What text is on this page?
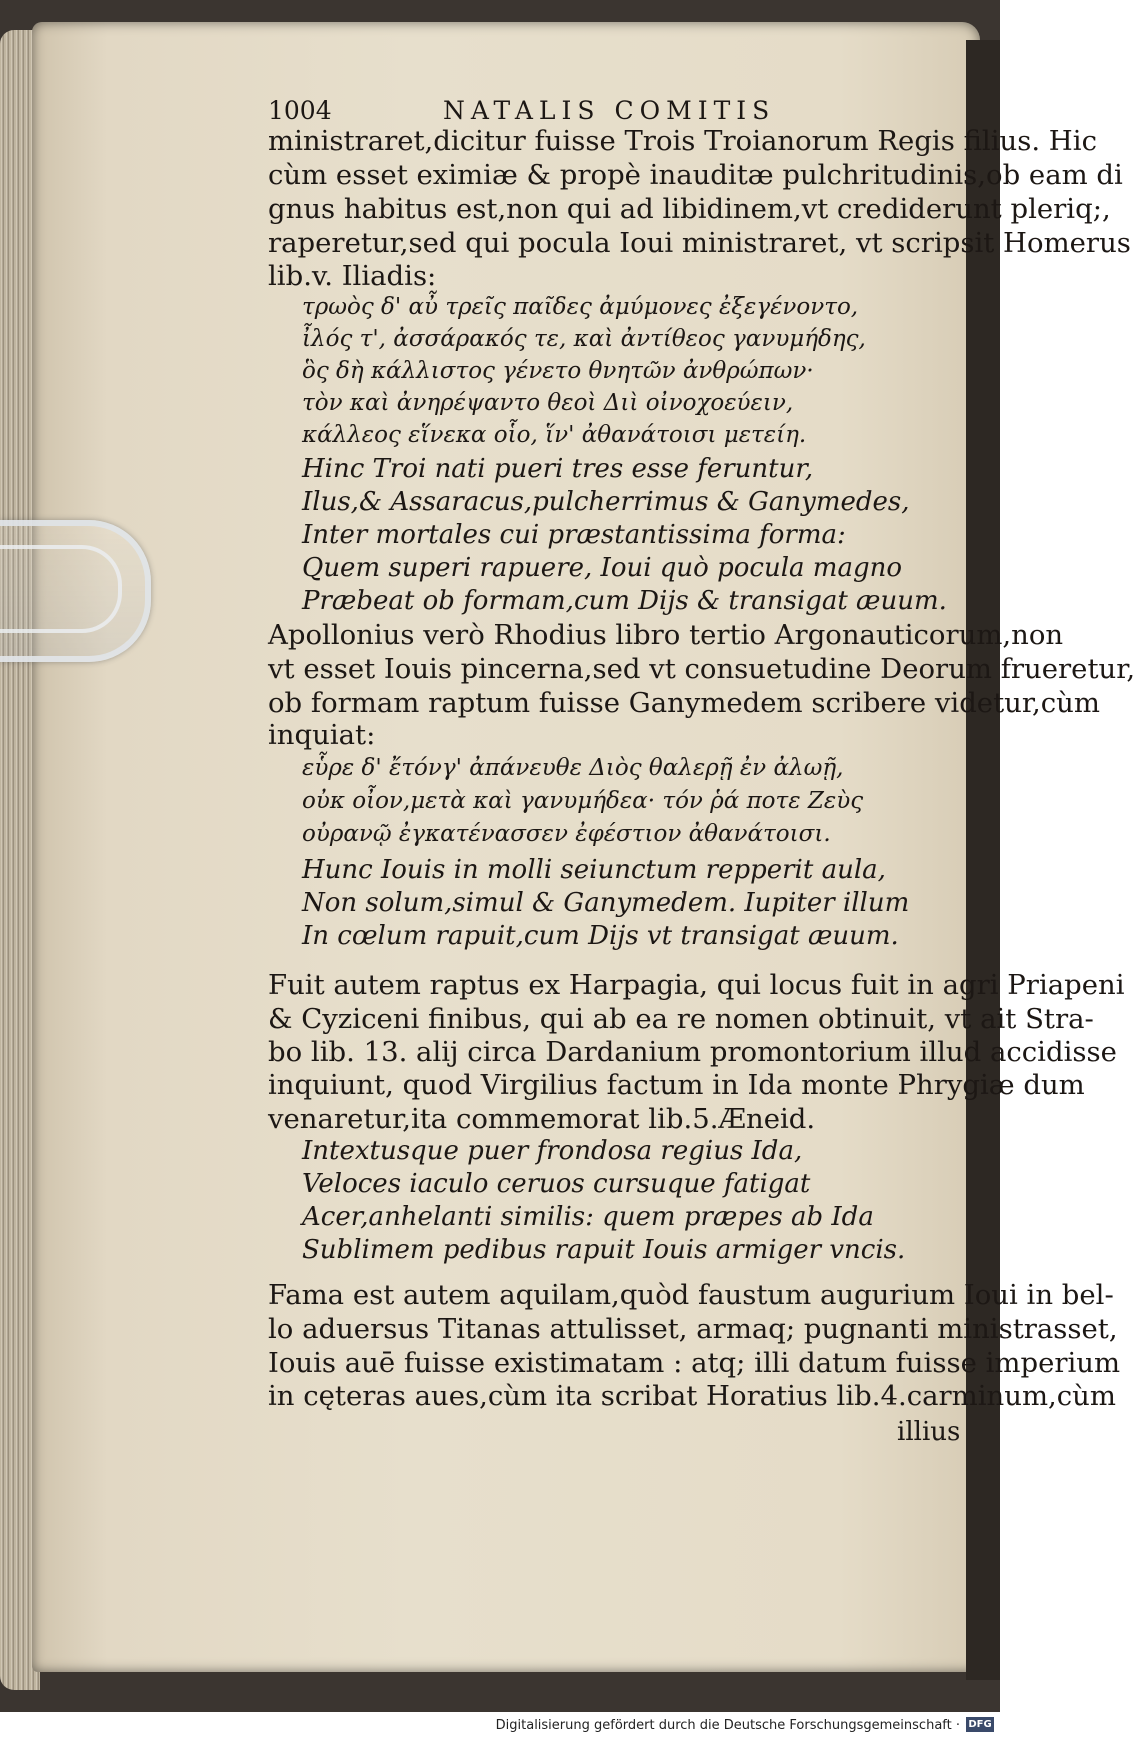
1004	NATALIS COMITIS
ministraret,dicitur fuisse Trois Troianorum Regis filius. Hic
cùm esset eximiæ & propè inauditæ pulchritudinis,ob eam di
gnus habitus est,non qui ad libidinem,vt crediderunt pleriq;,
raperetur,sed qui pocula Ioui ministraret, vt scripsit Homerus
lib.v. Iliadis:
τρωὸς δ' αὖ τρεῖς παῖδες ἀμύμονες ἐξεγένοντο,
ἶλός τ', ἀσσάρακός τε, καὶ ἀντίθεος γανυμήδης,
ὃς δὴ κάλλιστος γένετο θνητῶν ἀνθρώπων·
τὸν καὶ ἀνηρέψαντο θεοὶ Διὶ οἰνοχοεύειν,
κάλλεος εἵνεκα οἷο, ἵν' ἀθανάτοισι μετείη.
Hinc Troi nati pueri tres esse feruntur,
Ilus,& Assaracus,pulcherrimus & Ganymedes,
Inter mortales cui præstantissima forma:
Quem superi rapuere, Ioui quò pocula magno
Præbeat ob formam,cum Dijs & transigat æuum.
Apollonius verò Rhodius libro tertio Argonauticorum,non
vt esset Iouis pincerna,sed vt consuetudine Deorum frueretur,
ob formam raptum fuisse Ganymedem scribere videtur,cùm
inquiat:
εὗρε δ' ἔτόνγ' ἀπάνευθε Διὸς θαλερῇ ἐν ἀλωῇ,
οὐκ οἶον,μετὰ καὶ γανυμήδεα· τόν ῥά ποτε Ζεὺς
οὐρανῷ ἐγκατένασσεν ἐφέστιον ἀθανάτοισι.
Hunc Iouis in molli seiunctum repperit aula,
Non solum,simul & Ganymedem. Iupiter illum
In cœlum rapuit,cum Dijs vt transigat æuum.
Fuit autem raptus ex Harpagia, qui locus fuit in agri Priapeni
& Cyziceni finibus, qui ab ea re nomen obtinuit, vt ait Stra-
bo lib. 13. alij circa Dardanium promontorium illud accidisse
inquiunt, quod Virgilius factum in Ida monte Phrygiæ dum
venaretur,ita commemorat lib.5.Æneid.
Intextusque puer frondosa regius Ida,
Veloces iaculo ceruos cursuque fatigat
Acer,anhelanti similis: quem præpes ab Ida
Sublimem pedibus rapuit Iouis armiger vncis.
Fama est autem aquilam,quòd faustum augurium Ioui in bel-
lo aduersus Titanas attulisset, armaq; pugnanti ministrasset,
Iouis auē fuisse existimatam : atq; illi datum fuisse imperium
in cęteras aues,cùm ita scribat Horatius lib.4.carminum,cùm
illius
Digitalisierung gefördert durch die Deutsche Forschungsgemeinschaft · DFG
